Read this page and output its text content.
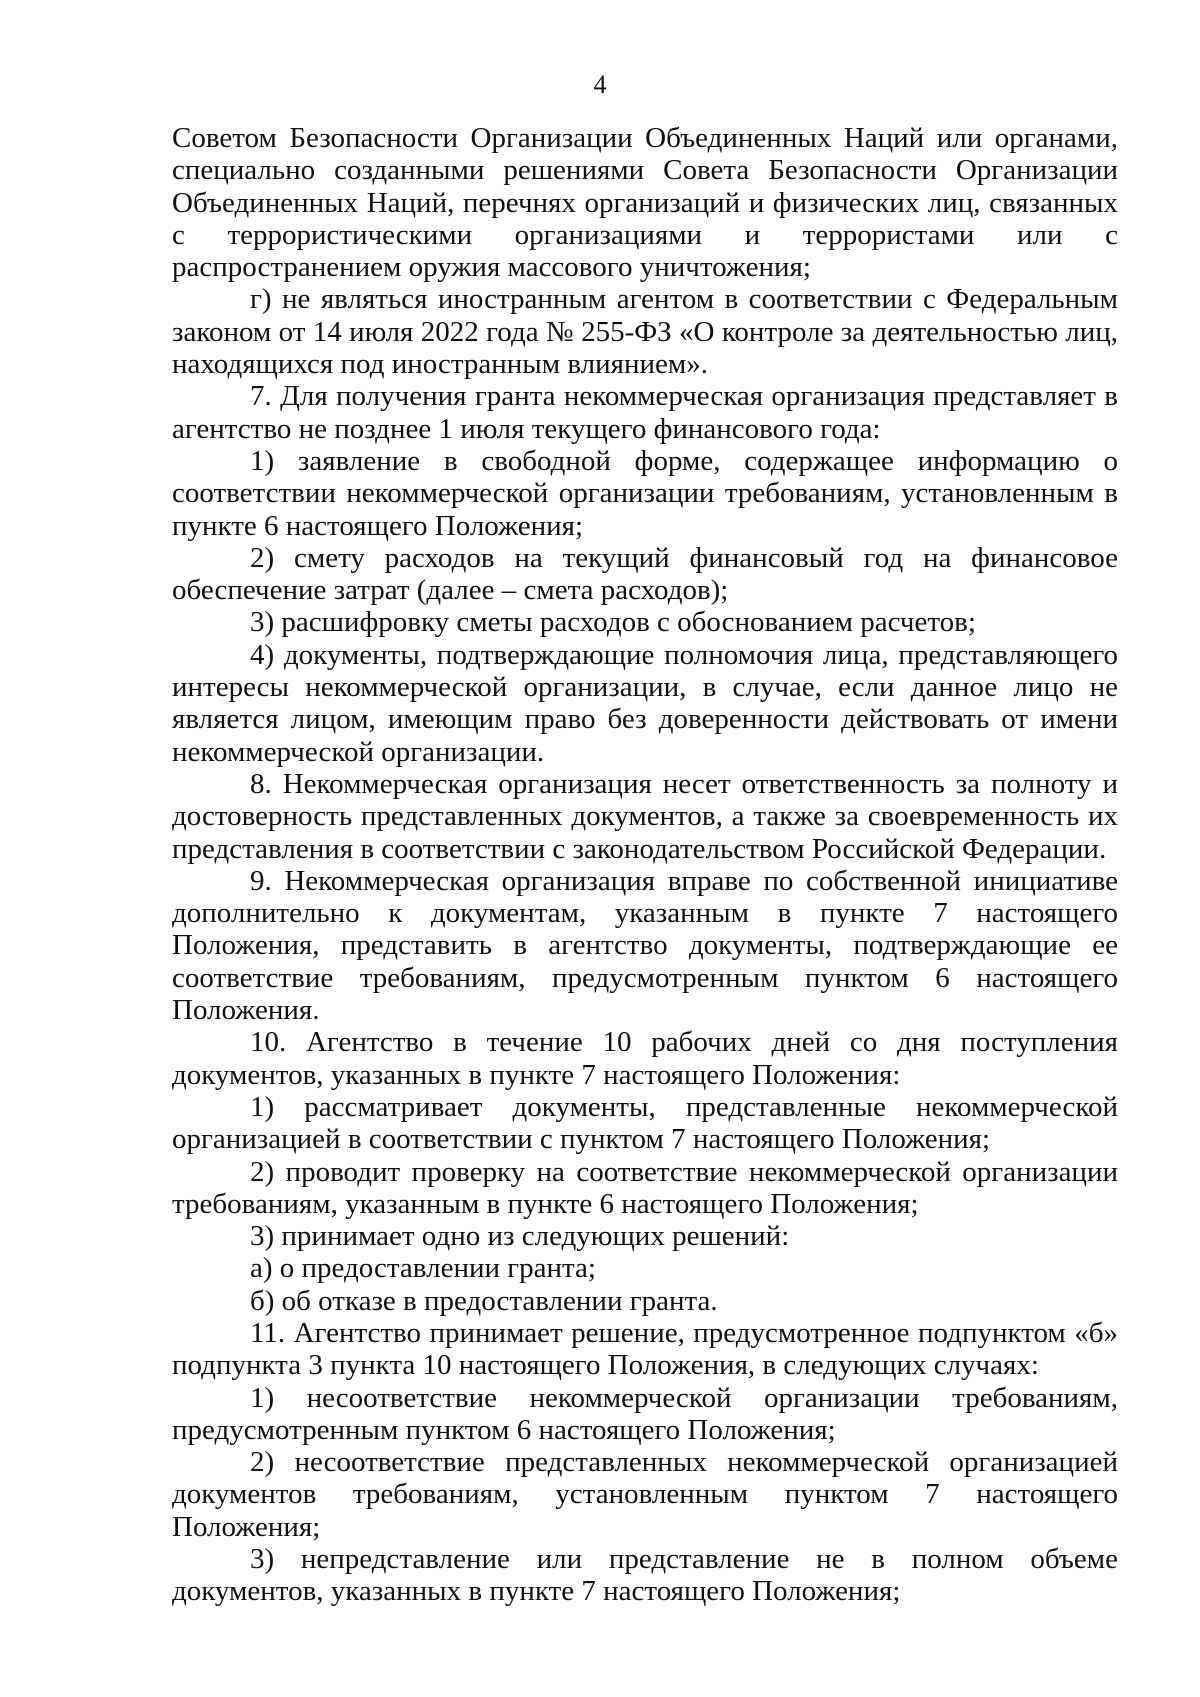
4

Советом Безопасности Организации Объединенных Наций или органами, специально созданными решениями Совета Безопасности Организации Объединенных Наций, перечнях организаций и физических лиц, связанных с террористическими организациями и террористами или с распространением оружия массового уничтожения;

г) не являться иностранным агентом в соответствии с Федеральным законом от 14 июля 2022 года № 255-ФЗ «О контроле за деятельностью лиц, находящихся под иностранным влиянием».

7. Для получения гранта некоммерческая организация представляет в агентство не позднее 1 июля текущего финансового года:

1) заявление в свободной форме, содержащее информацию о соответствии некоммерческой организации требованиям, установленным в пункте 6 настоящего Положения;

2) смету расходов на текущий финансовый год на финансовое обеспечение затрат (далее – смета расходов);

3) расшифровку сметы расходов с обоснованием расчетов;

4) документы, подтверждающие полномочия лица, представляющего интересы некоммерческой организации, в случае, если данное лицо не является лицом, имеющим право без доверенности действовать от имени некоммерческой организации.

8. Некоммерческая организация несет ответственность за полноту и достоверность представленных документов, а также за своевременность их представления в соответствии с законодательством Российской Федерации.

9. Некоммерческая организация вправе по собственной инициативе дополнительно к документам, указанным в пункте 7 настоящего Положения, представить в агентство документы, подтверждающие ее соответствие требованиям, предусмотренным пунктом 6 настоящего Положения.

10. Агентство в течение 10 рабочих дней со дня поступления документов, указанных в пункте 7 настоящего Положения:

1) рассматривает документы, представленные некоммерческой организацией в соответствии с пунктом 7 настоящего Положения;

2) проводит проверку на соответствие некоммерческой организации требованиям, указанным в пункте 6 настоящего Положения;

3) принимает одно из следующих решений:

а) о предоставлении гранта;

б) об отказе в предоставлении гранта.

11. Агентство принимает решение, предусмотренное подпунктом «б» подпункта 3 пункта 10 настоящего Положения, в следующих случаях:

1) несоответствие некоммерческой организации требованиям, предусмотренным пунктом 6 настоящего Положения;

2) несоответствие представленных некоммерческой организацией документов требованиям, установленным пунктом 7 настоящего Положения;

3) непредставление или представление не в полном объеме документов, указанных в пункте 7 настоящего Положения;
